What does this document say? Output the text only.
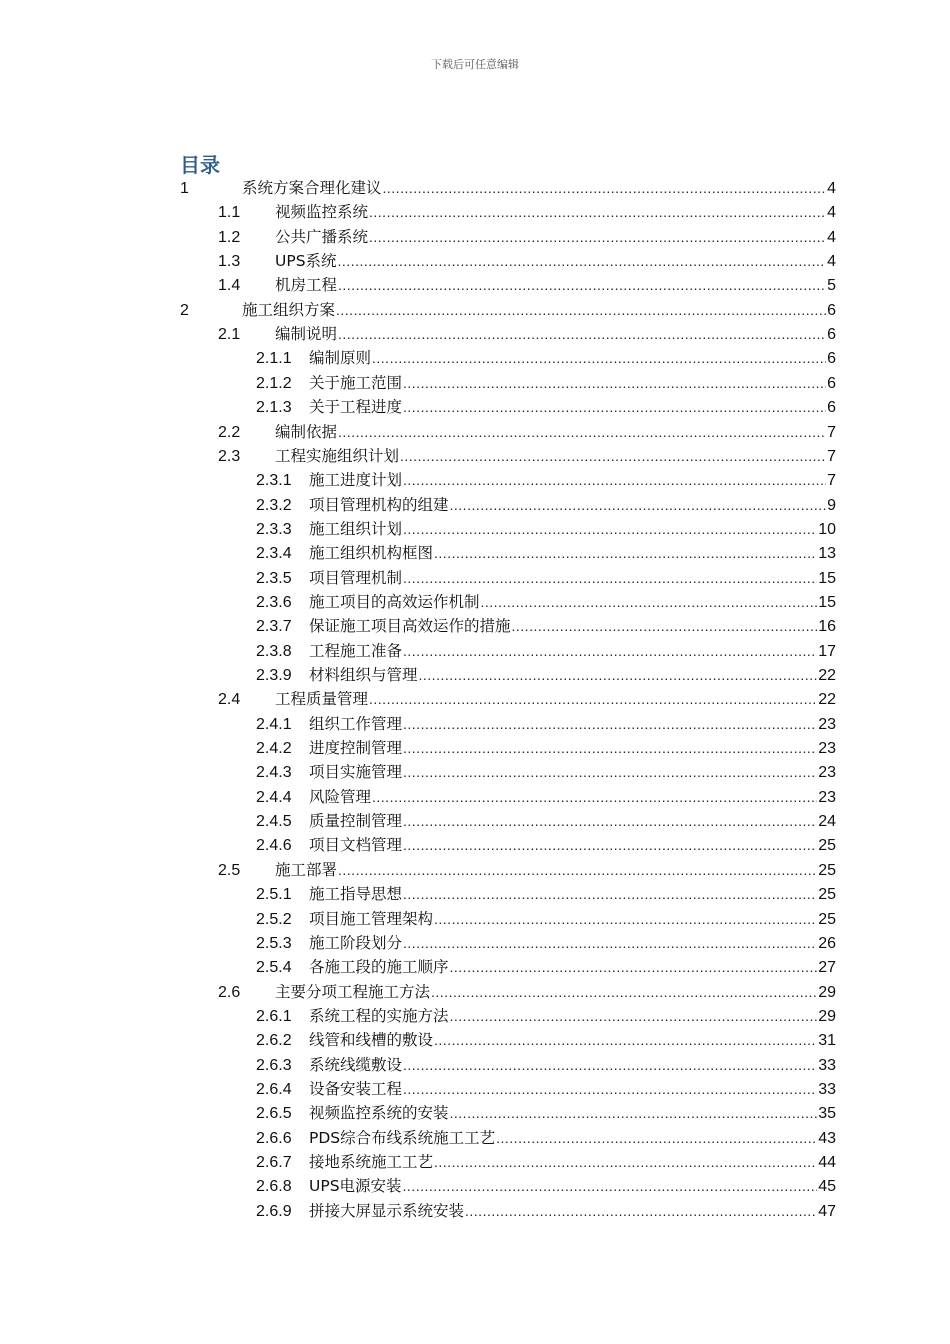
下载后可任意编辑
目录
1	系统方案合理化建议 .....	4
1.1	视频监控系统 .....	4
1.2	公共广播系统 .....	4
1.3	UPS系统 .....	4
1.4	机房工程 .....	5
2	施工组织方案 .....	6
2.1	编制说明 .....	6
2.1.1	编制原则 .....	6
2.1.2	关于施工范围 .....	6
2.1.3	关于工程进度 .....	6
2.2	编制依据 .....	7
2.3	工程实施组织计划 .....	7
2.3.1	施工进度计划 .....	7
2.3.2	项目管理机构的组建 .....	9
2.3.3	施工组织计划 .....	10
2.3.4	施工组织机构框图 .....	13
2.3.5	项目管理机制 .....	15
2.3.6	施工项目的高效运作机制 .....	15
2.3.7	保证施工项目高效运作的措施 .....	16
2.3.8	工程施工准备 .....	17
2.3.9	材料组织与管理 .....	22
2.4	工程质量管理 .....	22
2.4.1	组织工作管理 .....	23
2.4.2	进度控制管理 .....	23
2.4.3	项目实施管理 .....	23
2.4.4	风险管理 .....	23
2.4.5	质量控制管理 .....	24
2.4.6	项目文档管理 .....	25
2.5	施工部署 .....	25
2.5.1	施工指导思想 .....	25
2.5.2	项目施工管理架构 .....	25
2.5.3	施工阶段划分 .....	26
2.5.4	各施工段的施工顺序 .....	27
2.6	主要分项工程施工方法 .....	29
2.6.1	系统工程的实施方法 .....	29
2.6.2	线管和线槽的敷设 .....	31
2.6.3	系统线缆敷设 .....	33
2.6.4	设备安装工程 .....	33
2.6.5	视频监控系统的安装 .....	35
2.6.6	PDS综合布线系统施工工艺 .....	43
2.6.7	接地系统施工工艺 .....	44
2.6.8	UPS电源安装 .....	45
2.6.9	拼接大屏显示系统安装 .....	47
